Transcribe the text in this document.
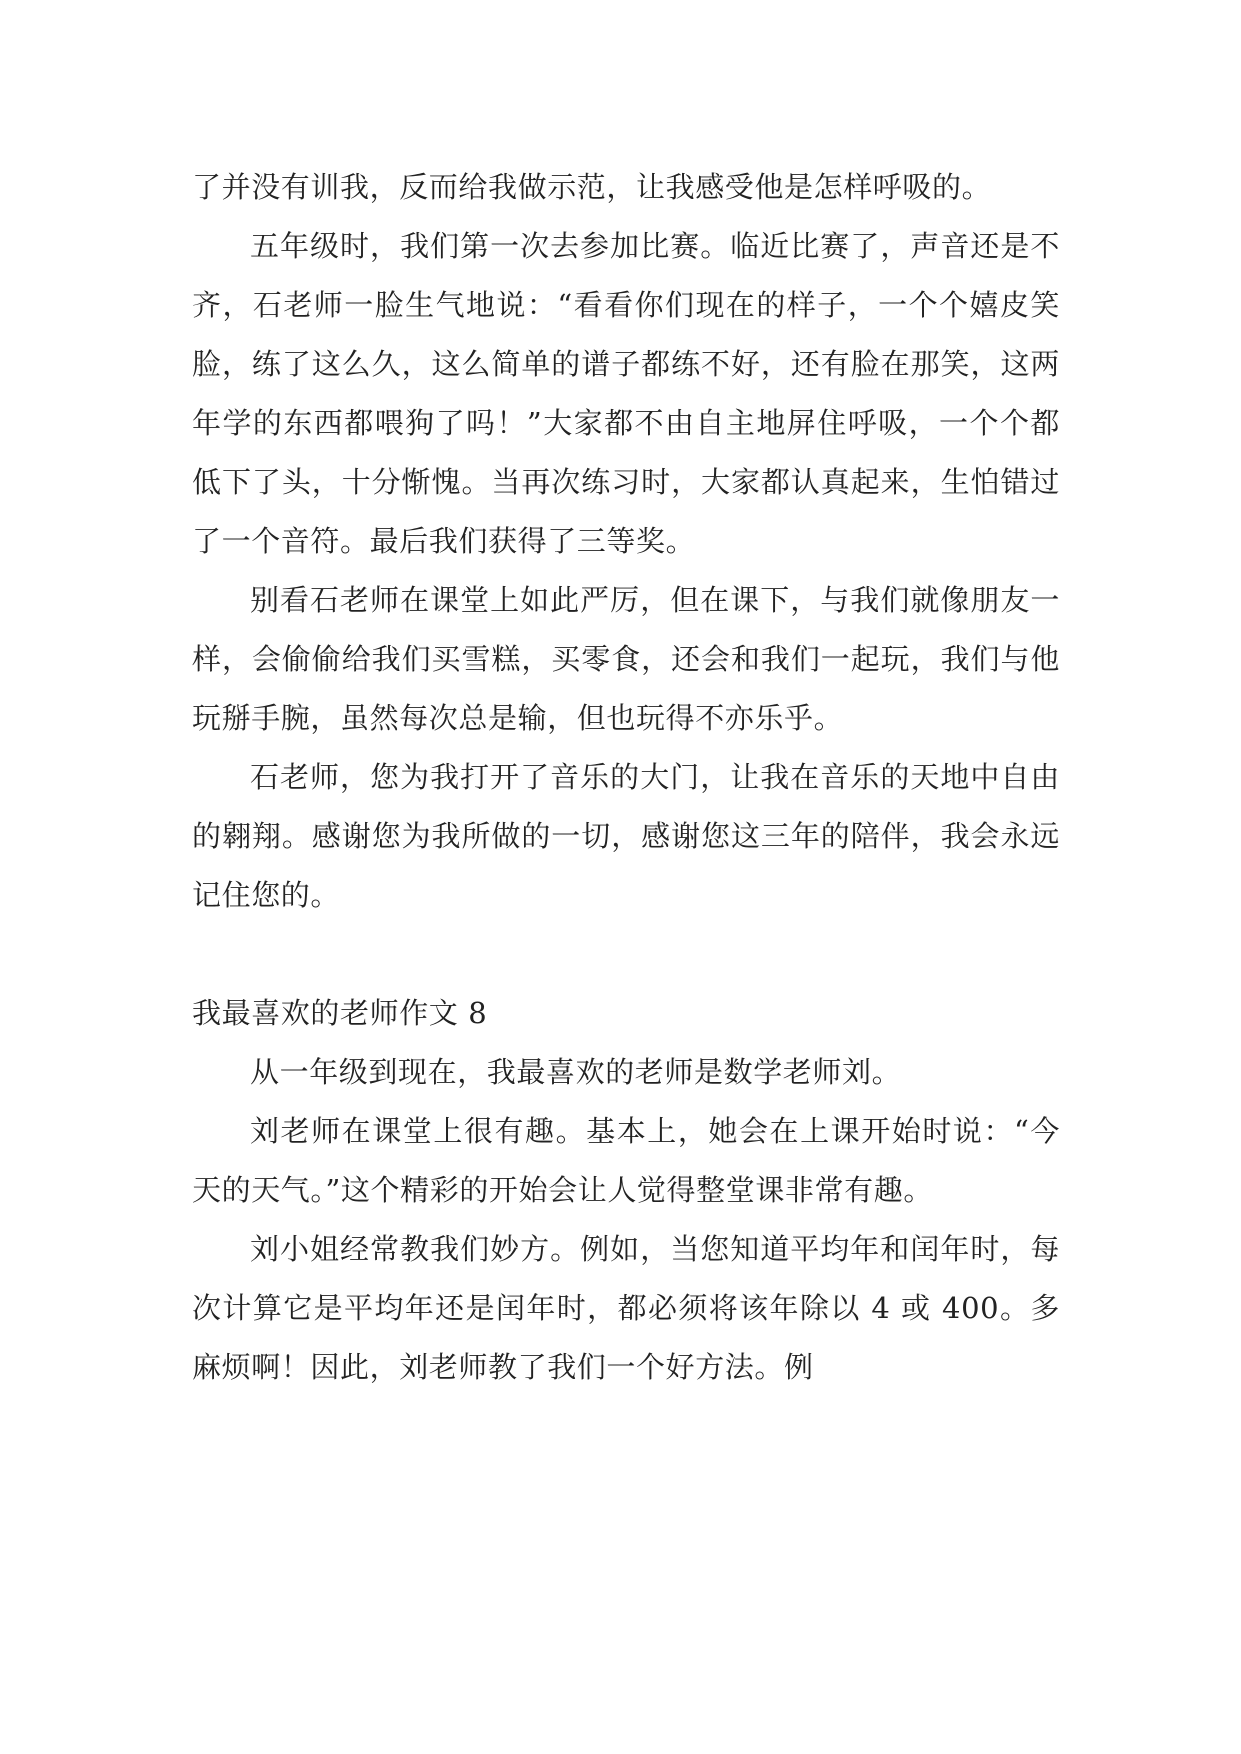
了并没有训我，反而给我做示范，让我感受他是怎样呼吸的。

五年级时，我们第一次去参加比赛。临近比赛了，声音还是不齐，石老师一脸生气地说：“看看你们现在的样子，一个个嬉皮笑脸，练了这么久，这么简单的谱子都练不好，还有脸在那笑，这两年学的东西都喂狗了吗！”大家都不由自主地屏住呼吸，一个个都低下了头，十分惭愧。当再次练习时，大家都认真起来，生怕错过了一个音符。最后我们获得了三等奖。

别看石老师在课堂上如此严厉，但在课下，与我们就像朋友一样，会偷偷给我们买雪糕，买零食，还会和我们一起玩，我们与他玩掰手腕，虽然每次总是输，但也玩得不亦乐乎。

石老师，您为我打开了音乐的大门，让我在音乐的天地中自由的翱翔。感谢您为我所做的一切，感谢您这三年的陪伴，我会永远记住您的。

我最喜欢的老师作文 8

从一年级到现在，我最喜欢的老师是数学老师刘。

刘老师在课堂上很有趣。基本上，她会在上课开始时说：“今天的天气。”这个精彩的开始会让人觉得整堂课非常有趣。

刘小姐经常教我们妙方。例如，当您知道平均年和闰年时，每次计算它是平均年还是闰年时，都必须将该年除以 4 或 400。多麻烦啊！因此，刘老师教了我们一个好方法。例
